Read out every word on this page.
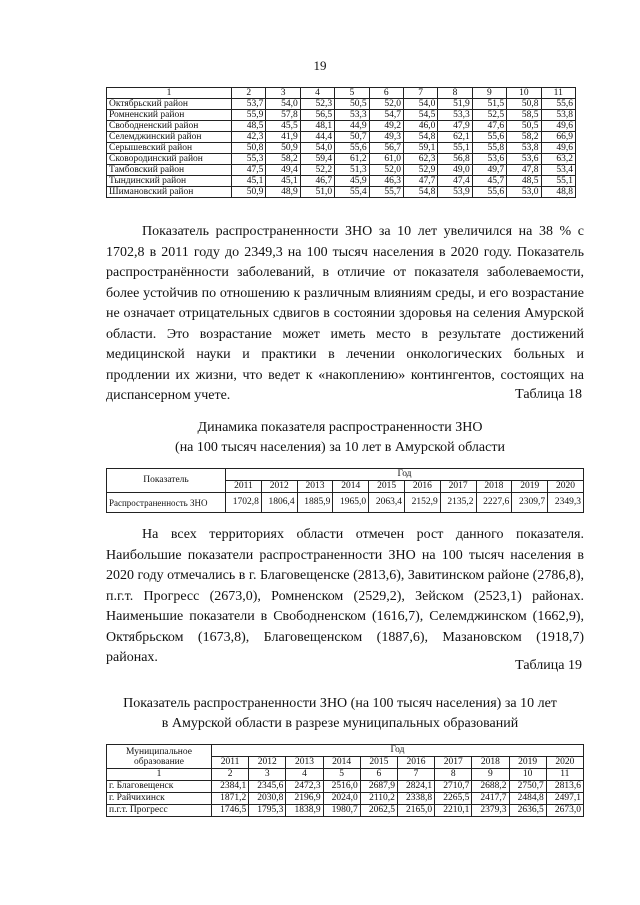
19
1	2	3	4	5	6	7	8	9	10	11
Октябрьский район	53,7	54,0	52,3	50,5	52,0	54,0	51,9	51,5	50,8	55,6
Ромненский район	55,9	57,8	56,5	53,3	54,7	54,5	53,3	52,5	58,5	53,8
Свободненский район	48,5	45,5	48,1	44,9	49,2	46,0	47,9	47,6	50,5	49,6
Селемджинский район	42,3	41,9	44,4	50,7	49,3	54,8	62,1	55,6	58,2	66,9
Серышевский район	50,8	50,9	54,0	55,6	56,7	59,1	55,1	55,8	53,8	49,6
Сковородинский район	55,3	58,2	59,4	61,2	61,0	62,3	56,8	53,6	53,6	63,2
Тамбовский район	47,5	49,4	52,2	51,3	52,0	52,9	49,0	49,7	47,8	53,4
Тындинский район	45,1	45,1	46,7	45,9	46,3	47,7	47,4	45,7	48,5	55,1
Шимановский район	50,9	48,9	51,0	55,4	55,7	54,8	53,9	55,6	53,0	48,8
Показатель распространенности ЗНО за 10 лет увеличился на 38 % с 1702,8 в 2011 году до 2349,3 на 100 тысяч населения в 2020 году. Показатель распространённости заболеваний, в отличие от показателя заболеваемости, более устойчив по отношению к различным влияниям среды, и его возрастание не означает отрицательных сдвигов в состоянии здоровья на селения Амурской области. Это возрастание может иметь место в результате достижений медицинской науки и практики в лечении онкологических больных и продлении их жизни, что ведет к «накоплению» контингентов, состоящих на диспансерном учете.	Таблица 18
Динамика показателя распространенности ЗНО
(на 100 тысяч населения) за 10 лет в Амурской области
Показатель	Год									
	2011	2012	2013	2014	2015	2016	2017	2018	2019	2020
Распространенность ЗНО	1702,8	1806,4	1885,9	1965,0	2063,4	2152,9	2135,2	2227,6	2309,7	2349,3
На всех территориях области отмечен рост данного показателя. Наибольшие показатели распространенности ЗНО на 100 тысяч населения в 2020 году отмечались в г. Благовещенске (2813,6), Завитинском районе (2786,8), п.г.т. Прогресс (2673,0), Ромненском (2529,2), Зейском (2523,1) районах. Наименьшие показатели в Свободненском (1616,7), Селемджинском (1662,9), Октябрьском (1673,8), Благовещенском (1887,6), Мазановском (1918,7) районах.
Таблица 19
Показатель распространенности ЗНО (на 100 тысяч населения) за 10 лет
в Амурской области в разрезе муниципальных образований
Муниципальное образование	Год									
	2011	2012	2013	2014	2015	2016	2017	2018	2019	2020
1	2	3	4	5	6	7	8	9	10	11
г. Благовещенск	2384,1	2345,6	2472,3	2516,0	2687,9	2824,1	2710,7	2688,2	2750,7	2813,6
г. Райчихинск	1871,2	2030,8	2196,9	2024,0	2110,2	2338,8	2265,5	2417,7	2484,8	2497,1
п.г.т. Прогресс	1746,5	1795,3	1838,9	1980,7	2062,5	2165,0	2210,1	2379,3	2636,5	2673,0
